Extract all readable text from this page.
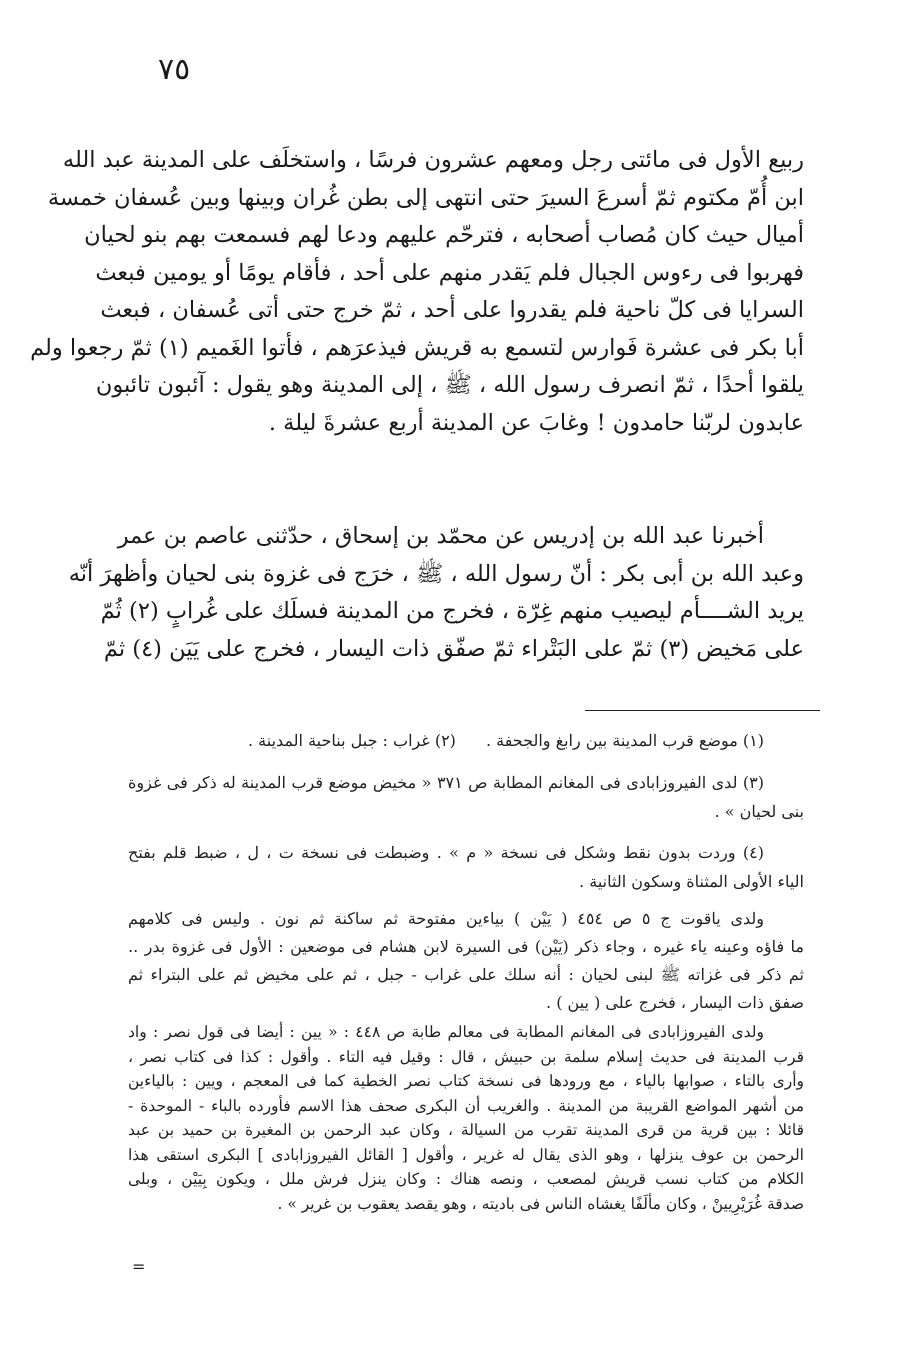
٧٥

ربيع الأول فى مائتى رجل ومعهم عشرون فرسًا ، واستخلَف على المدينة عبد الله
ابن أُمّ مكتوم ثمّ أسرعَ السيرَ حتى انتهى إلى بطن غُران وبينها وبين عُسفان خمسة
أميال حيث كان مُصاب أصحابه ، فترحّم عليهم ودعا لهم فسمعت بهم بنو لحيان
فهربوا فى رءوس الجبال فلم يَقدر منهم على أحد ، فأقام يومًا أو يومين فبعث
السرايا فى كلّ ناحية فلم يقدروا على أحد ، ثمّ خرج حتى أتى عُسفان ، فبعث
أبا بكر فى عشرة فَوارس لتسمع به قريش فيذعرَهم ، فأتوا الغَميم (١) ثمّ رجعوا ولم
يلقوا أحدًا ، ثمّ انصرف رسول الله ، ﷺ ، إلى المدينة وهو يقول : آئبون تائبون
عابدون لربّنا حامدون ! وغابَ عن المدينة أربع عشرةَ ليلة .

أخبرنا عبد الله بن إدريس عن محمّد بن إسحاق ، حدّثنى عاصم بن عمر
وعبد الله بن أبى بكر : أنّ رسول الله ، ﷺ ، خرَج فى غزوة بنى لحيان وأظهرَ أنّه
يريد الشــــأم ليصيب منهم غِرّة ، فخرج من المدينة فسلَك على غُرابٍ (٢) ثُمّ
على مَخيض (٣) ثمّ على البَتْراء ثمّ صفّق ذات اليسار ، فخرج على يَيَن (٤) ثمّ

(١) موضع قرب المدينة بين رابغ والجحفة .
(٢) غراب : جبل بناحية المدينة .
(٣) لدى الفيروزابادى فى المغانم المطابة ص ٣٧١ « مخيض موضع قرب المدينة له ذكر فى غزوة
بنى لحيان » .
(٤) وردت بدون نقط وشكل فى نسخة « م » . وضبطت فى نسخة ت ، ل ، ضبط قلم بفتح
الياء الأولى المثناة وسكون الثانية .
ولدى ياقوت ج ٥ ص ٤٥٤ ( يَيْن ) بياءين مفتوحة ثم ساكنة ثم نون . وليس فى كلامهم
ما فاؤه وعينه ياء غيره ، وجاء ذكر (يَيْن) فى السيرة لابن هشام فى موضعين : الأول فى غزوة بدر ..
ثم ذكر فى غزاته ﷺ لبنى لحيان : أنه سلك على غراب - جبل ، ثم على مخيض ثم على البتراء ثم
صفق ذات اليسار ، فخرج على ( يين ) .
ولدى الفيروزابادى فى المغانم المطابة فى معالم طابة ص ٤٤٨ : « يين : أيضا فى قول نصر : واد
قرب المدينة فى حديث إسلام سلمة بن حبيش ، قال : وقيل فيه التاء . وأقول : كذا فى كتاب نصر ،
وأرى بالتاء ، صوابها بالياء ، مع ورودها فى نسخة كتاب نصر الخطية كما فى المعجم ، ويين : بالياءين
من أشهر المواضع القريبة من المدينة . والغريب أن البكرى صحف هذا الاسم فأورده بالباء - الموحدة -
قائلا : بين قرية من قرى المدينة تقرب من السيالة ، وكان عبد الرحمن بن المغيرة بن حميد بن عبد
الرحمن بن عوف ينزلها ، وهو الذى يقال له غرير ، وأقول [ القائل الفيروزابادى ] البكرى استقى هذا
الكلام من كتاب نسب قريش لمصعب ، ونصه هناك : وكان ينزل فرش ملل ، ويكون بِيَيْن ، وبلى
صدقة غُرَيْرِيينْ ، وكان مألَفًا يغشاه الناس فى باديته ، وهو يقصد يعقوب بن غرير » .
=
